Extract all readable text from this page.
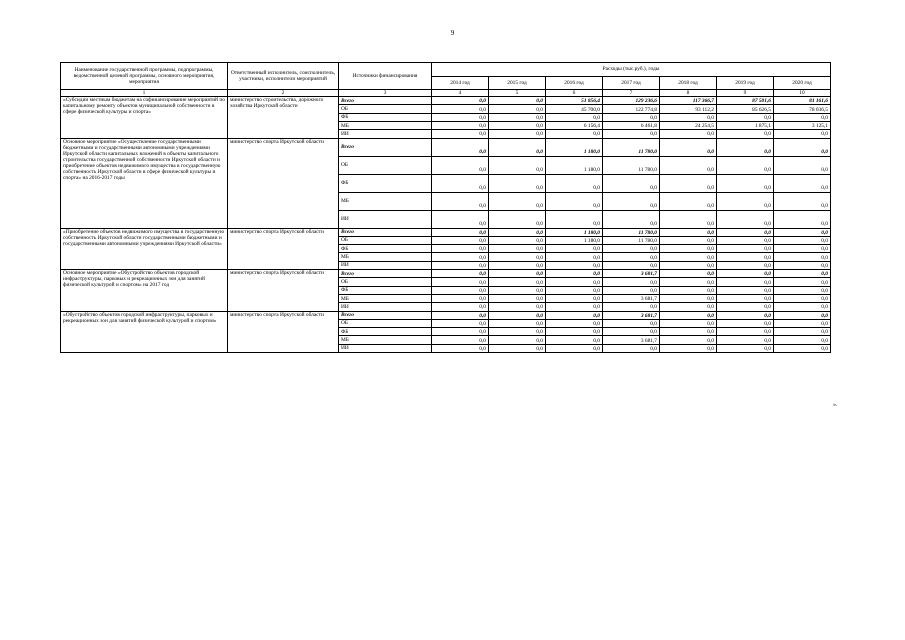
9
Наименование государственной программы, подпрограммы, ведомственной целевой программы, основного мероприятия, мероприятия	Ответственный исполнитель, соисполнитель, участники, исполнители мероприятий	Источники финансирования	Расходы (тыс.руб.), годы						
			2014 год	2015 год	2016 год	2017 год	2018 год	2019 год	2020 год
1	2	3	4	5	6	7	8	9	10
«Субсидии местным бюджетам на софинансирование мероприятий по капитальному ремонту объектов муниципальной собственности в сфере физической культуры и спорта»	министерство строительства, дорожного хозяйства Иркутской области	Всего	0,0	0,0	51 856,4	129 236,6	117 366,7	87 501,6	81 161,6
		ОБ	0,0	0,0	45 700,0	122 774,8	93 112,2	85 626,5	78 036,5
		ФБ	0,0	0,0	0,0	0,0	0,0	0,0	0,0
		МБ	0,0	0,0	6 156,4	6 461,8	24 254,5	1 875,1	3 125,1
		ИИ	0,0	0,0	0,0	0,0	0,0	0,0	0,0
Основное мероприятие «Осуществление государственными бюджетными и государственными автономными учреждениями Иркутской области капитальных вложений в объекты капитального строительства государственной собственности Иркутской области и приобретение объектов недвижимого имущества в государственную собственность Иркутской области в сфере физической культуры и спорта» на 2016-2017 годы	министерство спорта Иркутской области	Всего	0,0	0,0	1 180,0	11 780,0	0,0	0,0	0,0
		ОБ	0,0	0,0	1 180,0	11 780,0	0,0	0,0	0,0
		ФБ	0,0	0,0	0,0	0,0	0,0	0,0	0,0
		МБ	0,0	0,0	0,0	0,0	0,0	0,0	0,0
		ИИ	0,0	0,0	0,0	0,0	0,0	0,0	0,0
«Приобретение объектов недвижимого имущества в государственную собственность Иркутской области государственными бюджетными и государственными автономными учреждениями Иркутской области»	министерство спорта Иркутской области	Всего	0,0	0,0	1 180,0	11 780,0	0,0	0,0	0,0
		ОБ	0,0	0,0	1 180,0	11 780,0	0,0	0,0	0,0
		ФБ	0,0	0,0	0,0	0,0	0,0	0,0	0,0
		МБ	0,0	0,0	0,0	0,0	0,0	0,0	0,0
		ИИ	0,0	0,0	0,0	0,0	0,0	0,0	0,0
Основное мероприятие «Обустройство объектов городской инфраструктуры, парковых и рекреационных зон для занятий физической культурой и спортом» на 2017 год	министерство спорта Иркутской области	Всего	0,0	0,0	0,0	3 681,7	0,0	0,0	0,0
		ОБ	0,0	0,0	0,0	0,0	0,0	0,0	0,0
		ФБ	0,0	0,0	0,0	0,0	0,0	0,0	0,0
		МБ	0,0	0,0	0,0	3 681,7	0,0	0,0	0,0
		ИИ	0,0	0,0	0,0	0,0	0,0	0,0	0,0
«Обустройство объектов городской инфраструктуры, парковых и рекреационных зон для занятий физической культурой и спортом»	министерство спорта Иркутской области	Всего	0,0	0,0	0,0	3 681,7	0,0	0,0	0,0
		ОБ	0,0	0,0	0,0	0,0	0,0	0,0	0,0
		ФБ	0,0	0,0	0,0	0,0	0,0	0,0	0,0
		МБ	0,0	0,0	0,0	3 681,7	0,0	0,0	0,0
		ИИ	0,0	0,0	0,0	0,0	0,0	0,0	0,0
».
